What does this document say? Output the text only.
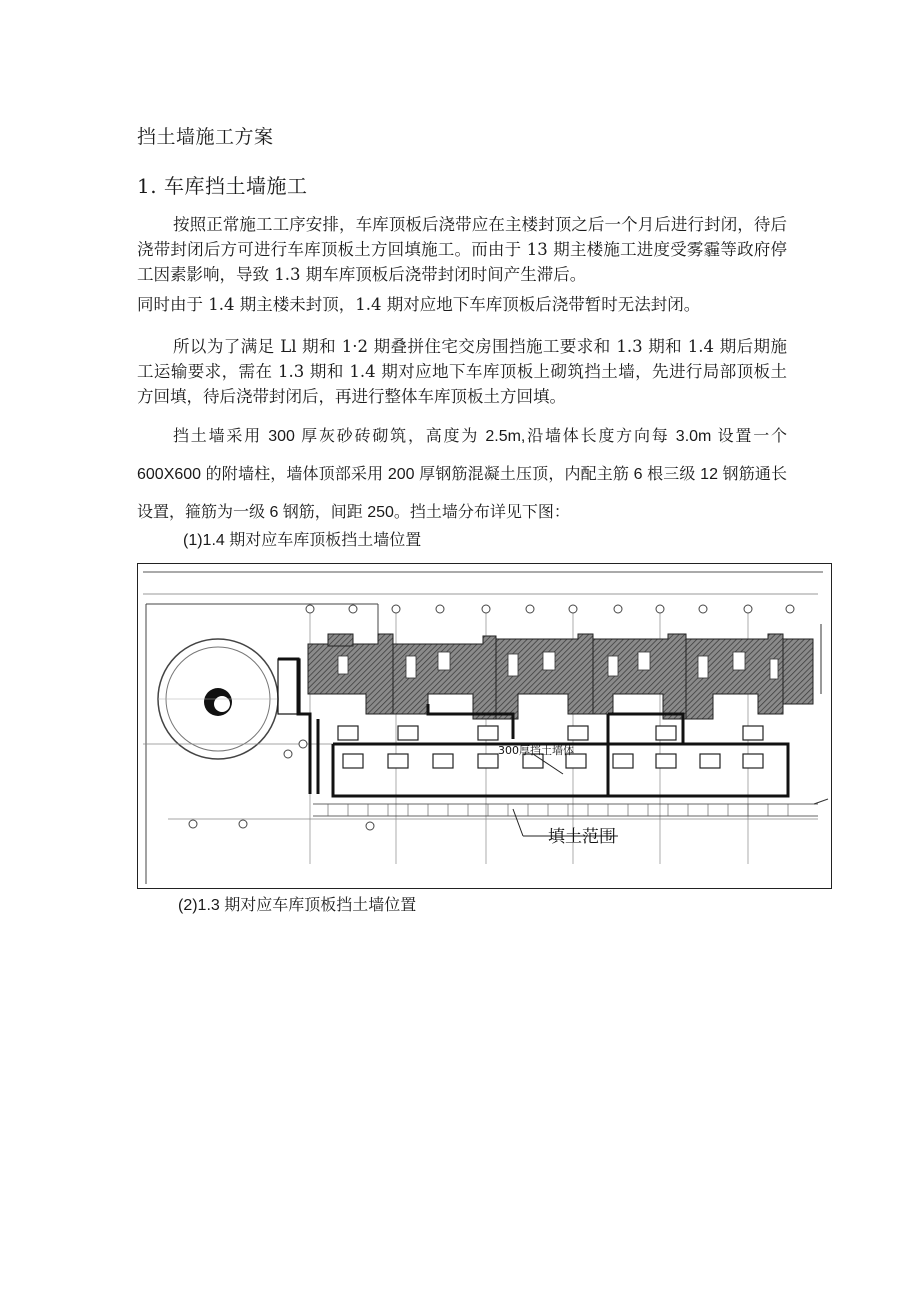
挡土墙施工方案
1. 车库挡土墙施工
按照正常施工工序安排，车库顶板后浇带应在主楼封顶之后一个月后进行封闭，待后浇带封闭后方可进行车库顶板土方回填施工。而由于 13 期主楼施工进度受雾霾等政府停工因素影响，导致 1.3 期车库顶板后浇带封闭时间产生滞后。
同时由于 1.4 期主楼未封顶，1.4 期对应地下车库顶板后浇带暂时无法封闭。
所以为了满足 Ll 期和 1·2 期叠拼住宅交房围挡施工要求和 1.3 期和 1.4 期后期施工运输要求，需在 1.3 期和 1.4 期对应地下车库顶板上砌筑挡土墙，先进行局部顶板土方回填，待后浇带封闭后，再进行整体车库顶板土方回填。
挡土墙采用 300 厚灰砂砖砌筑，高度为 2.5m,沿墙体长度方向每 3.0m 设置一个 600X600 的附墙柱，墙体顶部采用 200 厚钢筋混凝土压顶，内配主筋 6 根三级 12 钢筋通长设置，箍筋为一级 6 钢筋，间距 250。挡土墙分布详见下图：
(1)1.4 期对应车库顶板挡土墙位置
300厚挡土墙体
填土范围
(2)1.3 期对应车库顶板挡土墙位置
